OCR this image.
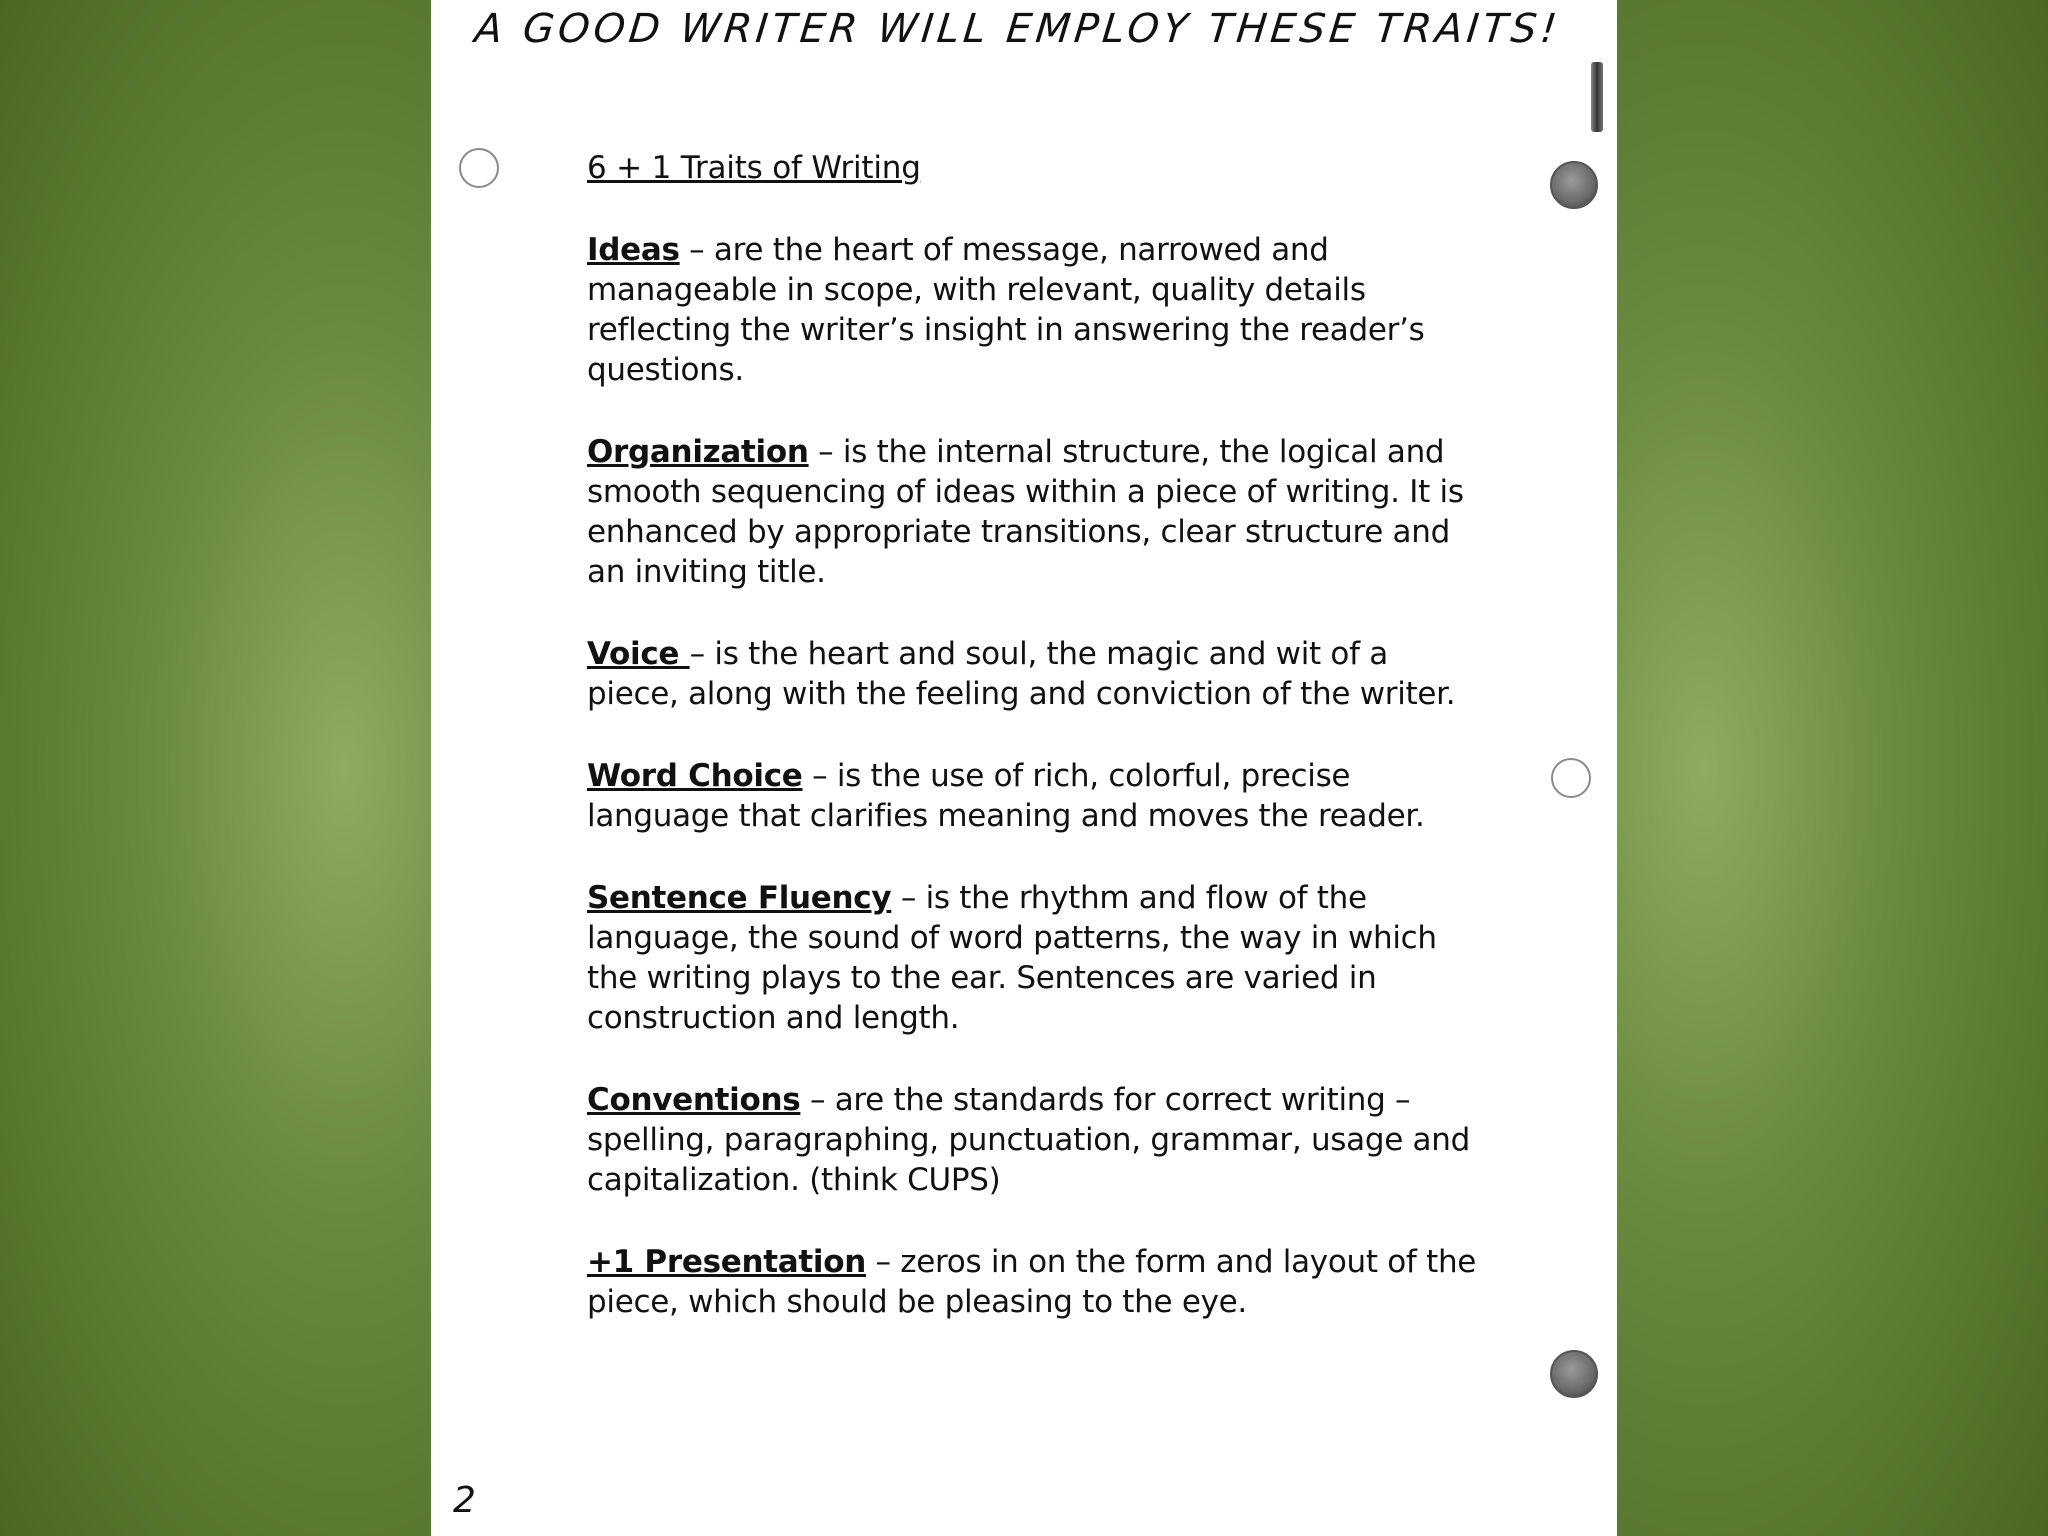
A GOOD WRITER WILL EMPLOY THESE TRAITS!
6 + 1 Traits of Writing

Ideas – are the heart of message, narrowed and manageable in scope, with relevant, quality details reflecting the writer’s insight in answering the reader’s questions.

Organization – is the internal structure, the logical and smooth sequencing of ideas within a piece of writing. It is enhanced by appropriate transitions, clear structure and an inviting title.

Voice – is the heart and soul, the magic and wit of a piece, along with the feeling and conviction of the writer.

Word Choice – is the use of rich, colorful, precise language that clarifies meaning and moves the reader.

Sentence Fluency – is the rhythm and flow of the language, the sound of word patterns, the way in which the writing plays to the ear. Sentences are varied in construction and length.

Conventions – are the standards for correct writing – spelling, paragraphing, punctuation, grammar, usage and capitalization. (think CUPS)

+1 Presentation – zeros in on the form and layout of the piece, which should be pleasing to the eye.

2
